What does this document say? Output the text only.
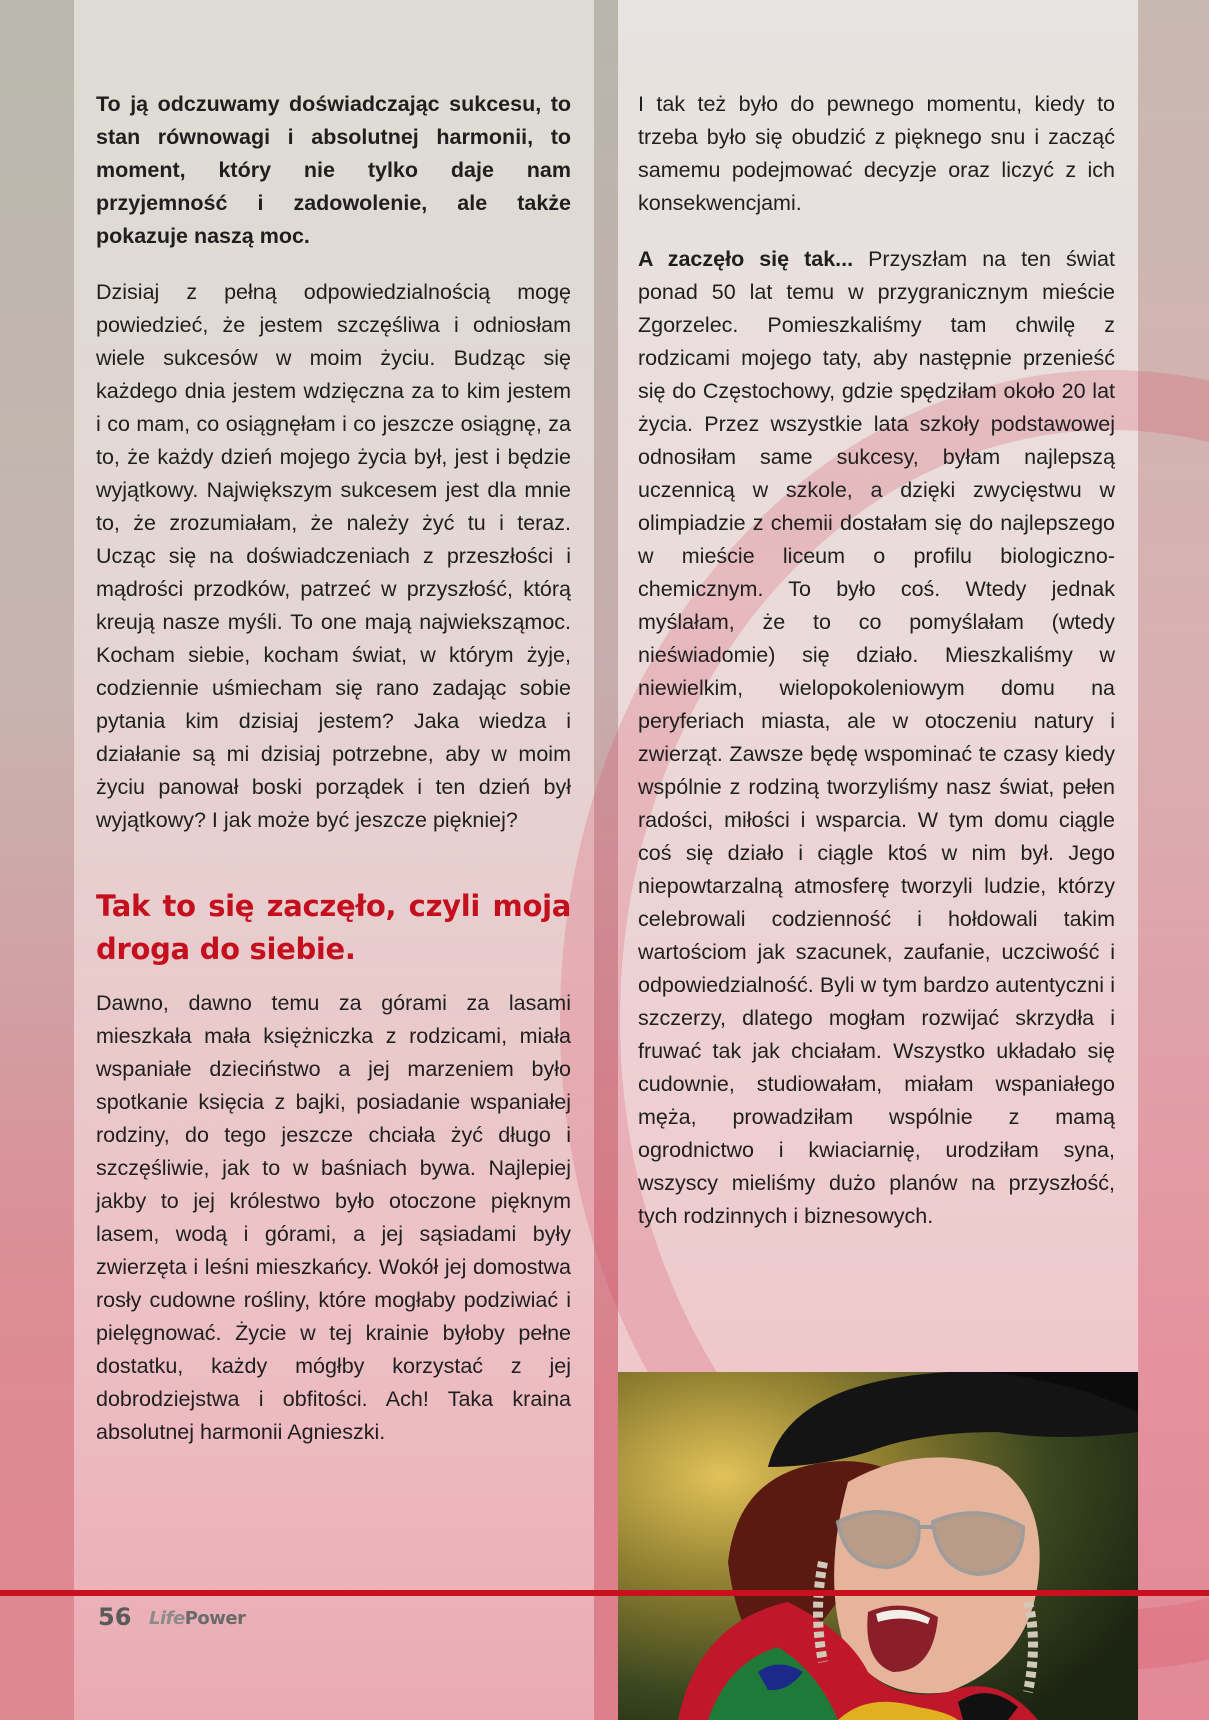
To ją odczuwamy doświadczając sukcesu, to stan równowagi i absolutnej harmonii, to moment, który nie tylko daje nam przyjemność i zadowolenie, ale także pokazuje naszą moc.

Dzisiaj z pełną odpowiedzialnością mogę powiedzieć, że jestem szczęśliwa i odniosłam wiele sukcesów w moim życiu. Budząc się każdego dnia jestem wdzięczna za to kim jestem i co mam, co osiągnęłam i co jeszcze osiągnę, za to, że każdy dzień mojego życia był, jest i będzie wyjątkowy. Największym sukcesem jest dla mnie to, że zrozumiałam, że należy żyć tu i teraz. Ucząc się na doświadczeniach z przeszłości i mądrości przodków, patrzeć w przyszłość, którą kreują nasze myśli. To one mają najwieksząmoc. Kocham siebie, kocham świat, w którym żyje, codziennie uśmiecham się rano zadając sobie pytania kim dzisiaj jestem? Jaka wiedza i działanie są mi dzisiaj potrzebne, aby w moim życiu panował boski porządek i ten dzień był wyjątkowy? I jak może być jeszcze piękniej?

Tak to się zaczęło, czyli moja droga do siebie.

Dawno, dawno temu za górami za lasami mieszkała mała księżniczka z rodzicami, miała wspaniałe dzieciństwo a jej marzeniem było spotkanie księcia z bajki, posiadanie wspaniałej rodziny, do tego jeszcze chciała żyć długo i szczęśliwie, jak to w baśniach bywa. Najlepiej jakby to jej królestwo było otoczone pięknym lasem, wodą i górami, a jej sąsiadami były zwierzęta i leśni mieszkańcy. Wokół jej domostwa rosły cudowne rośliny, które mogłaby podziwiać i pielęgnować. Życie w tej krainie byłoby pełne dostatku, każdy mógłby korzystać z jej dobrodziejstwa i obfitości. Ach! Taka kraina absolutnej harmonii Agnieszki.

I tak też było do pewnego momentu, kiedy to trzeba było się obudzić z pięknego snu i zacząć samemu podejmować decyzje oraz liczyć z ich konsekwencjami.

A zaczęło się tak... Przyszłam na ten świat ponad 50 lat temu w przygranicznym mieście Zgorzelec. Pomieszkaliśmy tam chwilę z rodzicami mojego taty, aby następnie przenieść się do Częstochowy, gdzie spędziłam około 20 lat życia. Przez wszystkie lata szkoły podstawowej odnosiłam same sukcesy, byłam najlepszą uczennicą w szkole, a dzięki zwycięstwu w olimpiadzie z chemii dostałam się do najlepszego w mieście liceum o profilu biologiczno-chemicznym. To było coś. Wtedy jednak myślałam, że to co pomyślałam (wtedy nieświadomie) się działo. Mieszkaliśmy w niewielkim, wielopokoleniowym domu na peryferiach miasta, ale w otoczeniu natury i zwierząt. Zawsze będę wspominać te czasy kiedy wspólnie z rodziną tworzyliśmy nasz świat, pełen radości, miłości i wsparcia. W tym domu ciągle coś się działo i ciągle ktoś w nim był. Jego niepowtarzalną atmosferę tworzyli ludzie, którzy celebrowali codzienność i hołdowali takim wartościom jak szacunek, zaufanie, uczciwość i odpowiedzialność. Byli w tym bardzo autentyczni i szczerzy, dlatego mogłam rozwijać skrzydła i fruwać tak jak chciałam. Wszystko układało się cudownie, studiowałam, miałam wspaniałego męża, prowadziłam wspólnie z mamą ogrodnictwo i kwiaciarnię, urodziłam syna, wszyscy mieliśmy dużo planów na przyszłość, tych rodzinnych i biznesowych.

56 LifePower
